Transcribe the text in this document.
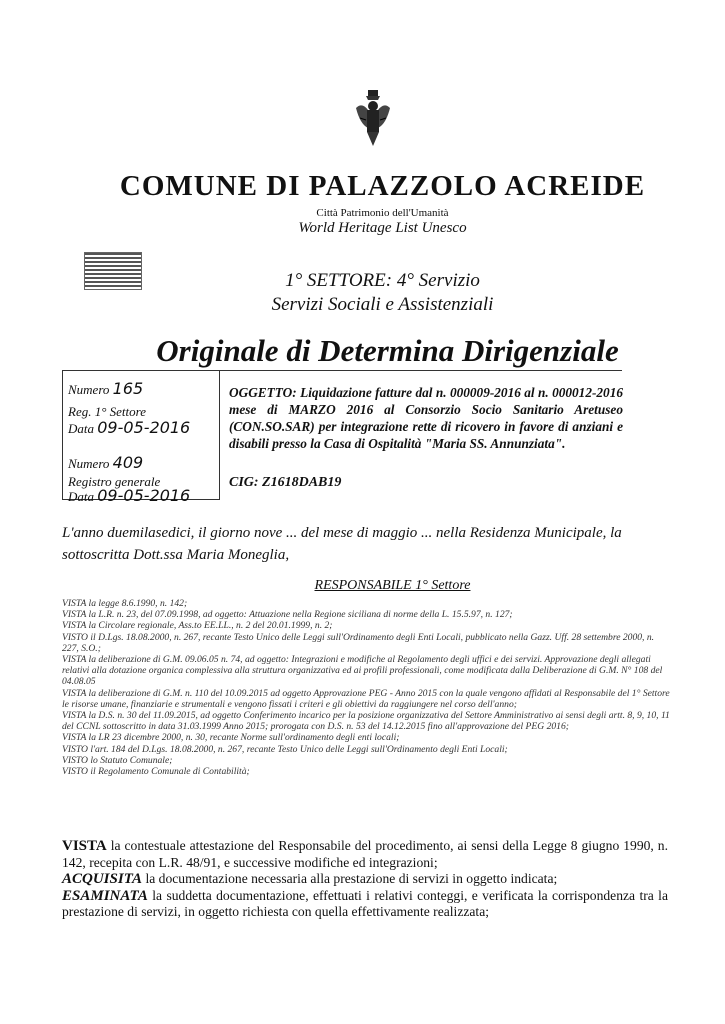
COMUNE DI PALAZZOLO ACREIDE
Città Patrimonio dell'Umanità
World Heritage List Unesco
1° SETTORE: 4° Servizio
Servizi Sociali e Assistenziali
Originale di Determina Dirigenziale
Numero 165
Reg. 1° Settore
Data 09-05-2016
Numero 409
Registro generale
Data 09-05-2016
OGGETTO: Liquidazione fatture dal n. 000009-2016 al n. 000012-2016 mese di MARZO 2016 al Consorzio Socio Sanitario Aretuseo (CON.SO.SAR) per integrazione rette di ricovero in favore di anziani e disabili presso la Casa di Ospitalità "Maria SS. Annunziata".
CIG: Z1618DAB19
L'anno duemilasedici, il giorno nove ... del mese di maggio ... nella Residenza Municipale, la sottoscritta Dott.ssa Maria Moneglia,
RESPONSABILE 1° Settore

VISTA la legge 8.6.1990, n. 142;

VISTA la L.R. n. 23, del 07.09.1998, ad oggetto: Attuazione nella Regione siciliana di norme della L. 15.5.97, n. 127;

VISTA la Circolare regionale, Ass.to EE.LL., n. 2 del 20.01.1999, n. 2;

VISTO il D.Lgs. 18.08.2000, n. 267, recante Testo Unico delle Leggi sull'Ordinamento degli Enti Locali, pubblicato nella Gazz. Uff. 28 settembre 2000, n. 227, S.O.;

VISTA la deliberazione di G.M. 09.06.05 n. 74, ad oggetto: Integrazioni e modifiche al Regolamento degli uffici e dei servizi. Approvazione degli allegati relativi alla dotazione organica complessiva alla struttura organizzativa ed ai profili professionali, come modificata dalla Deliberazione di G.M. N° 108 del 04.08.05

VISTA la deliberazione di G.M. n. 110 del 10.09.2015 ad oggetto Approvazione PEG - Anno 2015 con la quale vengono affidati al Responsabile del 1° Settore le risorse umane, finanziarie e strumentali e vengono fissati i criteri e gli obiettivi da raggiungere nel corso dell'anno;

VISTA la D.S. n. 30 del 11.09.2015, ad oggetto Conferimento incarico per la posizione organizzativa del Settore Amministrativo ai sensi degli artt. 8, 9, 10, 11 del CCNL sottoscritto in data 31.03.1999 Anno 2015; prorogata con D.S. n. 53 del 14.12.2015 fino all'approvazione del PEG 2016;

VISTA la LR 23 dicembre 2000, n. 30, recante Norme sull'ordinamento degli enti locali;

VISTO l'art. 184 del D.Lgs. 18.08.2000, n. 267, recante Testo Unico delle Leggi sull'Ordinamento degli Enti Locali;

VISTO lo Statuto Comunale;

VISTO il Regolamento Comunale di Contabilità;

VISTA la contestuale attestazione del Responsabile del procedimento, ai sensi della Legge 8 giugno 1990, n. 142, recepita con L.R. 48/91, e successive modifiche ed integrazioni;

ACQUISITA la documentazione necessaria alla prestazione di servizi in oggetto indicata;

ESAMINATA la suddetta documentazione, effettuati i relativi conteggi, e verificata la corrispondenza tra la prestazione di servizi, in oggetto richiesta con quella effettivamente realizzata;
